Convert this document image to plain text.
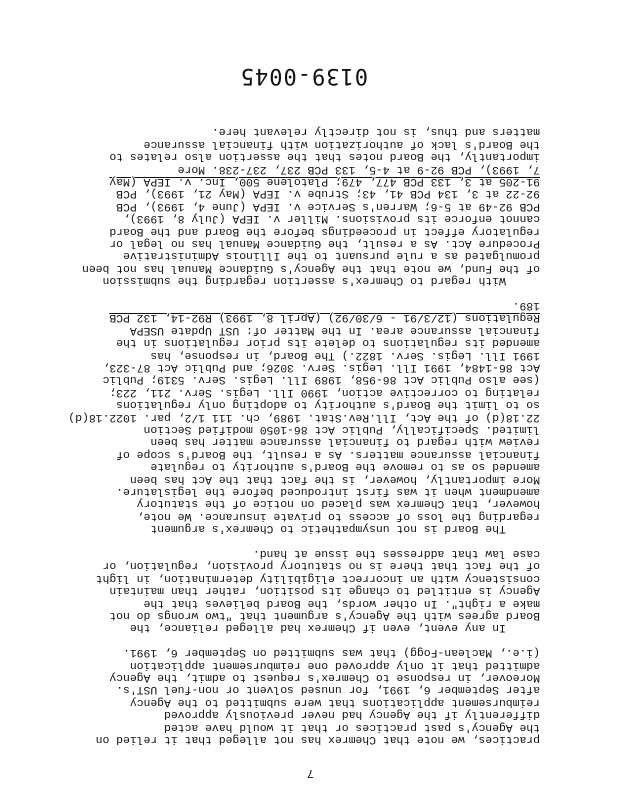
7
practices, we note that Chemrex has not alleged that it relied on
the Agency's past practices or that it would have acted
differently if the Agency had never previously approved
reimbursement applications that were submitted to the Agency
after September 6, 1991, for unused solvent or non-fuel UST's.
Moreover, in response to Chemrex's request to admit, the Agency
admitted that it only approved one reimbursement application
(i.e., Maclean-Fogg) that was submitted on September 6, 1991.
In any event, even if Chemrex had alleged reliance, the
Board agrees with the Agency's argument that "two wrongs do not
make a right". In other words, the Board believes that the
Agency is entitled to change its position, rather than maintain
consistency with an incorrect eligibility determination, in light
of the fact that there is no statutory provision, regulation, or
case law that addresses the issue at hand.
The Board is not unsympathetic to Chemrex's argument
regarding the loss of access to private insurance. We note,
however, that Chemrex was placed on notice of the statutory
amendment when it was first introduced before the legislature.
More importantly, however, is the fact that the Act has been
amended so as to remove the Board's authority to regulate
financial assurance matters. As a result, the Board's scope of
review with regard to financial assurance matter has been
limited. Specifically, Public Act 86-1050 modified Section
22.18(d) of the Act, Ill.Rev.Stat. 1989, ch. 111 1/2, par. 1022.18(d)
so to limit the Board's authority to adopting only regulations
relating to corrective action, 1990 Ill. Legis. Serv. 211, 223;
(see also Public Act 86-958, 1989 Ill. Legis. Serv. 5319; Public
Act 86-1484, 1991 Ill. Legis. Serv. 3026; and Public Act 87-323,
1991 Ill. Legis. Serv. 1822.) The Board, in response, has
amended its regulations to delete its prior regulations in the
financial assurance area. In the Matter of: UST Update USEPA
Regulations (12/3/91 - 6/30/92) (April 8, 1993) R92-14, 132 PCB
189.
With regard to Chemrex's assertion regarding the submission
of the Fund, we note that the Agency's Guidance Manual has not been
promulgated as a rule pursuant to the Illinois Administrative
Procedure Act. As a result, the Guidance Manual has no legal or
regulatory effect in proceedings before the Board and the Board
cannot enforce its provisions. Miller v. IEPA (July 8, 1993),
PCB 92-49 at 5-6; Warren's Service v. IEPA (June 4, 1993), PCB
92-22 at 3, 134 PCB 41, 43; Strube v. IEPA (May 21, 1993), PCB
91-205 at 3, 133 PCB 477, 479; Platolene 500, Inc. v. IEPA (May
7, 1993), PCB 92-9 at 4-5, 133 PCB 237, 237-238. More
importantly, the Board notes that the assertion also relates to
the Board's lack of authorization with financial assurance
matters and thus, is not directly relevant here.
0139-0045
